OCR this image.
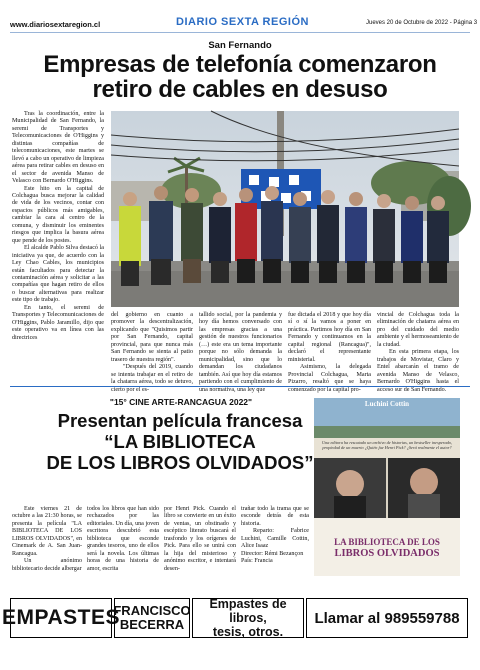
www.diariosextaregion.cl	DIARIO SEXTA REGIÓN	Jueves 20 de Octubre de 2022 - Página 3
San Fernando
Empresas de telefonía comenzaron
retiro de cables en desuso

Tras la coordinación, entre la Municipalidad de San Fernando, la seremi de Transportes y Telecomunicaciones de O'Higgins y distintas compañías de telecomunicaciones, este martes se llevó a cabo un operativo de limpieza aérea para retirar cables en desuso en el sector de avenida Manso de Velasco con Bernardo O'Higgins.

Este hito en la capital de Colchagua busca mejorar la calidad de vida de los vecinos, contar con espacios públicos más amigables, cambiar la cara al centro de la comuna, y disminuir los eminentes riesgos que implica la basura aérea que pende de los postes.

El alcalde Pablo Silva destacó la iniciativa ya que, de acuerdo con la Ley Chao Cables, los municipios están facultados para detectar la contaminación aérea y solicitar a las compañías que hagan retiro de ellos o buscar alternativas para realizar este tipo de trabajo.

En tanto, el seremi de Transportes y Telecomunicaciones de O'Higgins, Pablo Jaramillo, dijo que este operativo va en línea con las directrices

del gobierno en cuanto a promover la descentralización, explicando que "Quisimos partir por San Fernando, capital provincial, para que nunca más San Fernando se sienta al patio trasero de nuestra región".

"Después del 2019, cuando se intenta trabajar en el retiro de la chatarra aérea, todo se detuvo, cierto por el es-

tallido social, por la pandemia y hoy día hemos conversado con las empresas gracias a una gestión de nuestros funcionarios (…) este era un tema importante porque no sólo demanda la municipalidad, sino que lo demandan los ciudadanos también. Así que hoy día estamos partiendo con el cumplimiento de una normativa, una ley que

fue dictada el 2018 y que hoy día sí o sí la vamos a poner en práctica. Partimos hoy día en San Fernando y continuamos en la capital regional (Rancagua)", declaró el representante ministerial.

Asimismo, la delegada Provincial Colchagua, Marta Pizarro, resaltó que se haya comenzado por la capital pro-

vincial de Colchagua toda la eliminación de chatarra aérea en pro del cuidado del medio ambiente y el hermoseamiento de la ciudad.

En esta primera etapa, los trabajos de Movistar, Claro y Entel abarcarán el tramo de avenida Manso de Velasco, Bernardo O'Higgins hasta el acceso sur de San Fernando.

"15° CINE ARTE-RANCAGUA 2022"
Presentan película francesa
“LA BIBLIOTECA
DE LOS LIBROS OLVIDADOS”

Este viernes 21 de octubre a las 21:30 horas, se presenta la película "LA BIBLIOTECA DE LOS LIBROS OLVIDADOS", en Cinemark de A. San Juan-Rancagua.

Un anónimo bibliotecario decide albergar

todos los libros que han sido rechazados por las editoriales. Un día, una joven escritora descubrió esta biblioteca que esconde grandes tesoros, uno de ellos será la novela. Los últimas horas de una historia de amor, escrita

por Henri Pick. Cuando el libro se convierte en un éxito de ventas, un obstinado y escéptico literato buscará el trasfondo y los orígenes de Pick. Para ello se unirá con la hija del misterioso y anónimo escritor, e intentará desen-

trañar todo la trama que se esconde detrás de esta historia.

Reparto: Fabrice Luchini, Camille Cottin, Alice Isaaz

Director: Rémi Bezançon

País: Francia

Luchini Cottin
Una editora ha rescatado un archivo de historias, un bestseller inesperado, propiedad de un muerto ¿Quién fue Henri Pick? ¿Será realmente el autor?
LA BIBLIOTECA DE LOS
LIBROS OLVIDADOS
EMPASTES
FRANCISCO
BECERRA
Empastes de libros,
tesis, otros.
Llamar al 989559788
